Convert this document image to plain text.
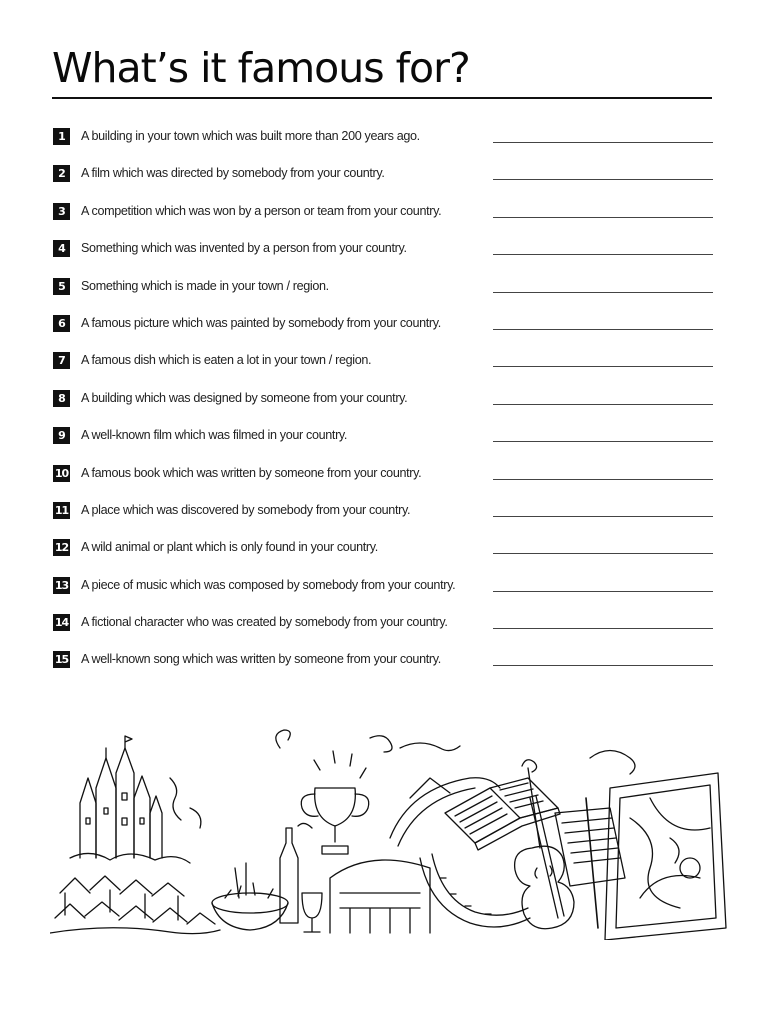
What’s it famous for?
1	A building in your town which was built more than 200 years ago.
2	A film which was directed by somebody from your country.
3	A competition which was won by a person or team from your country.
4	Something which was invented by a person from your country.
5	Something which is made in your town / region.
6	A famous picture which was painted by somebody from your country.
7	A famous dish which is eaten a lot in your town / region.
8	A building which was designed by someone from your country.
9	A well-known film which was filmed in your country.
10 A famous book which was written by someone from your country.
11 A place which was discovered by somebody from your country.
12 A wild animal or plant which is only found in your country.
13 A piece of music which was composed by somebody from your country.
14 A fictional character who was created by somebody from your country.
15 A well-known song which was written by someone from your country.
